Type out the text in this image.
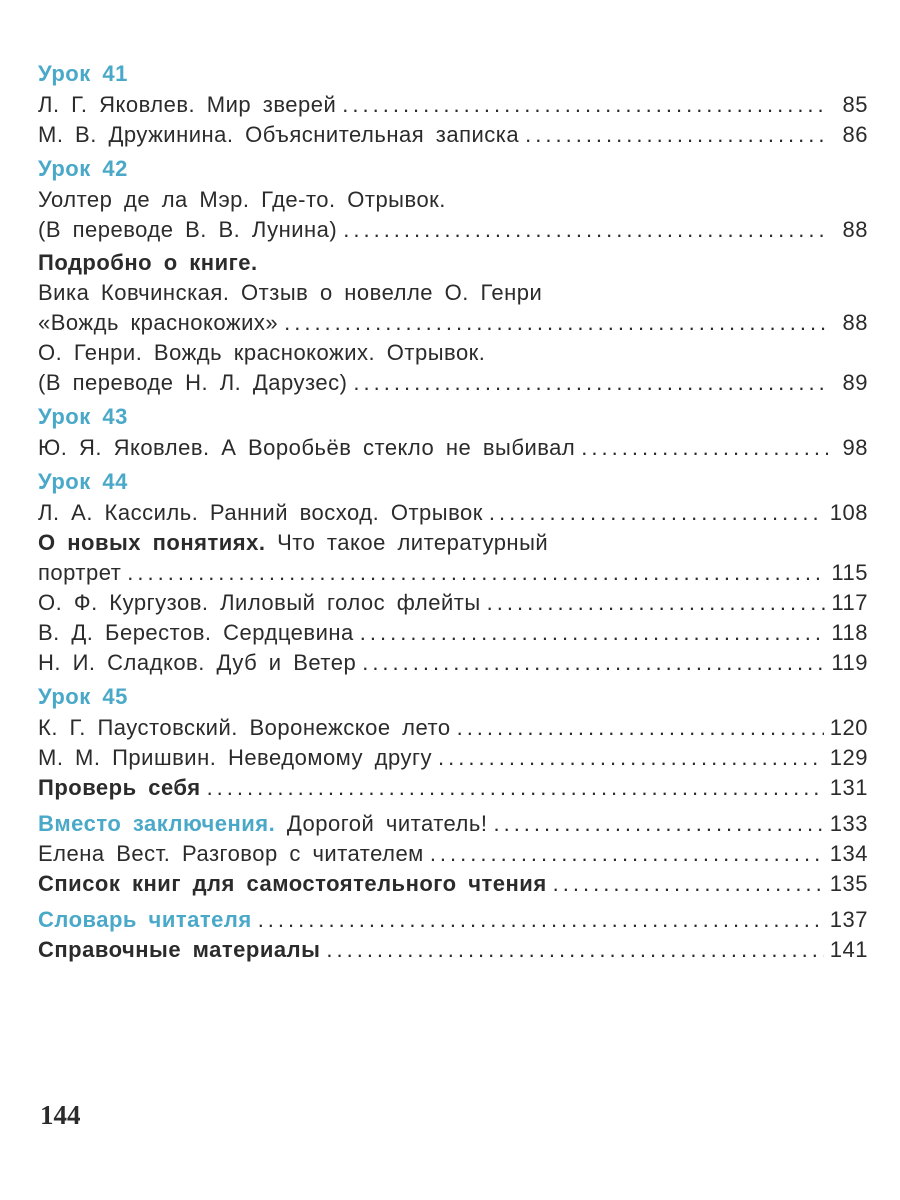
Урок 41
Л. Г. Яковлев. Мир зверей .....	85
М. В. Дружинина. Объяснительная записка .....	86
Урок 42
Уолтер де ла Мэр. Где-то. Отрывок.
(В переводе В. В. Лунина) .....	88
Подробно о книге.
Вика Ковчинская. Отзыв о новелле О. Генри
«Вождь краснокожих» .....	88
О. Генри. Вождь краснокожих. Отрывок.
(В переводе Н. Л. Дарузес) .....	89
Урок 43
Ю. Я. Яковлев. А Воробьёв стекло не выбивал .....	98
Урок 44
Л. А. Кассиль. Ранний восход. Отрывок .....	108
О новых понятиях.
Что такое литературный
портрет .....	115
О. Ф. Кургузов. Лиловый голос флейты .....	117
В. Д. Берестов. Сердцевина .....	118
Н. И. Сладков. Дуб и Ветер .....	119
Урок 45
К. Г. Паустовский. Воронежское лето .....	120
М. М. Пришвин. Неведомому другу .....	129
Проверь себя .....	131
Вместо заключения.
Дорогой читатель! .....	133
Елена Вест. Разговор с читателем .....	134
Список книг для самостоятельного чтения .....	135
Словарь читателя .....	137
Справочные материалы .....	141
144
